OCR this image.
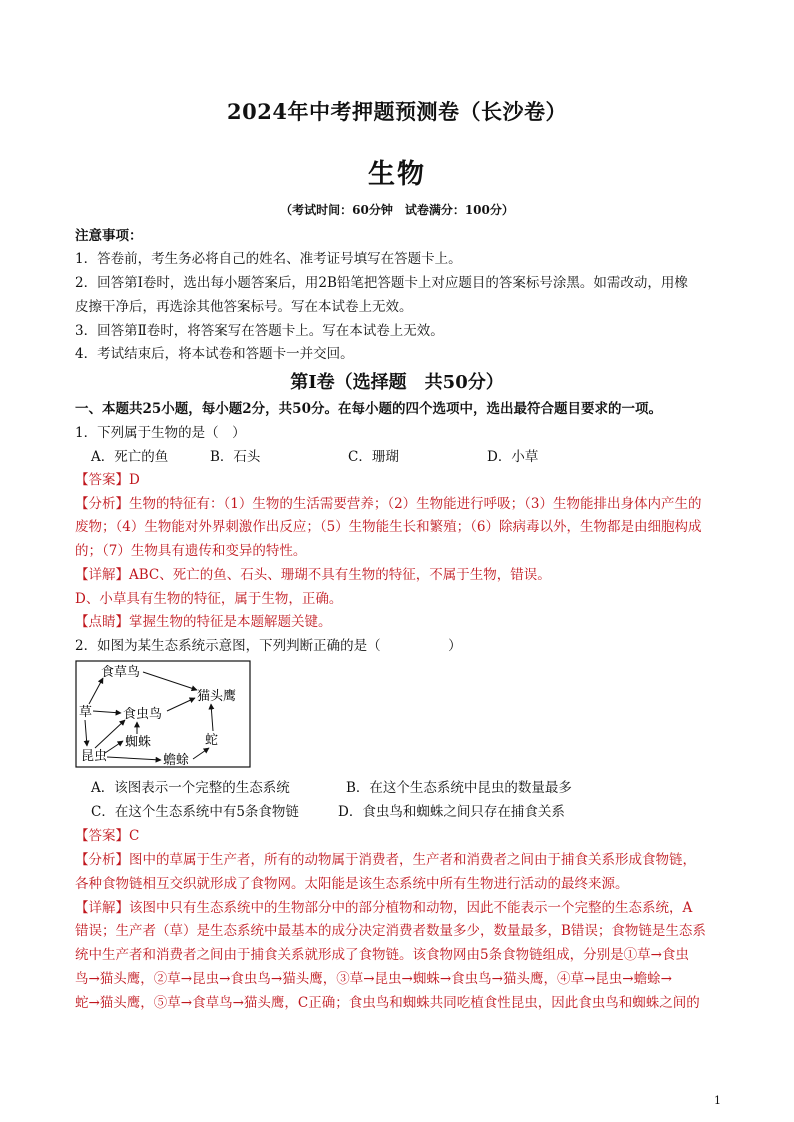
2024年中考押题预测卷（长沙卷）
生物
（考试时间：60分钟　试卷满分：100分）
注意事项：
1．答卷前，考生务必将自己的姓名、准考证号填写在答题卡上。
2．回答第Ⅰ卷时，选出每小题答案后，用2B铅笔把答题卡上对应题目的答案标号涂黑。如需改动，用橡
皮擦干净后，再选涂其他答案标号。写在本试卷上无效。
3．回答第Ⅱ卷时，将答案写在答题卡上。写在本试卷上无效。
4．考试结束后，将本试卷和答题卡一并交回。
第Ⅰ卷（选择题　共50分）
一、本题共25小题，每小题2分，共50分。在每小题的四个选项中，选出最符合题目要求的一项。
1．下列属于生物的是（　）
A．死亡的鱼	B．石头	C．珊瑚	D．小草
【答案】D
【分析】生物的特征有：（1）生物的生活需要营养；（2）生物能进行呼吸；（3）生物能排出身体内产生的
废物；（4）生物能对外界刺激作出反应；（5）生物能生长和繁殖；（6）除病毒以外，生物都是由细胞构成
的；（7）生物具有遗传和变异的特性。
【详解】ABC、死亡的鱼、石头、珊瑚不具有生物的特征，不属于生物，错误。
D、小草具有生物的特征，属于生物，正确。
【点睛】掌握生物的特征是本题解题关键。
2．如图为某生态系统示意图，下列判断正确的是（　　　　　）
草
食草鸟
食虫鸟
猫头鹰
蜘蛛	蛇
昆虫	蟾蜍
A．该图表示一个完整的生态系统	B．在这个生态系统中昆虫的数量最多
C．在这个生态系统中有5条食物链	D．食虫鸟和蜘蛛之间只存在捕食关系
【答案】C
【分析】图中的草属于生产者，所有的动物属于消费者，生产者和消费者之间由于捕食关系形成食物链，
各种食物链相互交织就形成了食物网。太阳能是该生态系统中所有生物进行活动的最终来源。
【详解】该图中只有生态系统中的生物部分中的部分植物和动物，因此不能表示一个完整的生态系统，A
错误；生产者（草）是生态系统中最基本的成分决定消费者数量多少，数量最多，B错误；食物链是生态系
统中生产者和消费者之间由于捕食关系就形成了食物链。该食物网由5条食物链组成，分别是①草→食虫
鸟→猫头鹰，②草→昆虫→食虫鸟→猫头鹰，③草→昆虫→蜘蛛→食虫鸟→猫头鹰，④草→昆虫→蟾蜍→
蛇→猫头鹰，⑤草→食草鸟→猫头鹰，C正确；食虫鸟和蜘蛛共同吃植食性昆虫，因此食虫鸟和蜘蛛之间的
1
